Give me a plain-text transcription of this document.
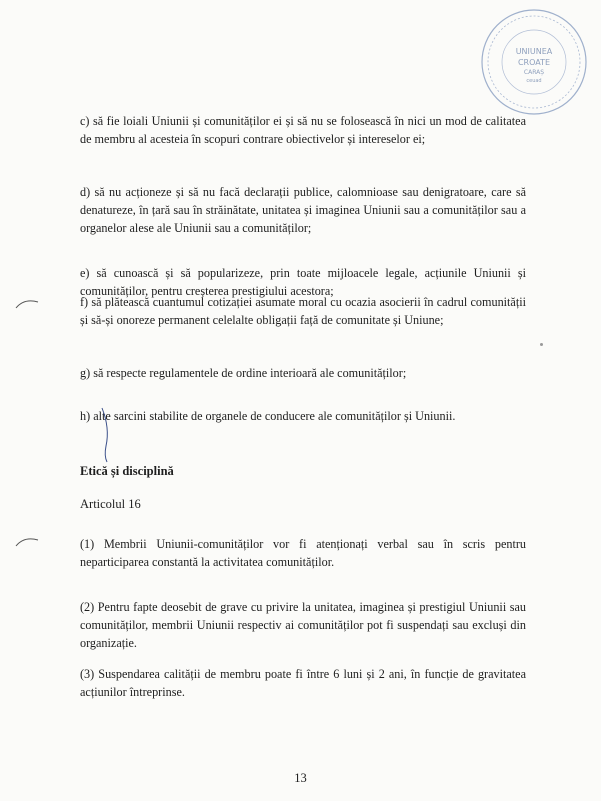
UNIUNEA
CROATE
CARAȘ
ceuad

c) să fie loiali Uniunii și comunităților ei și să nu se folosească în nici un mod de calitatea de membru al acesteia în scopuri contrare obiectivelor și intereselor ei;

d) să nu acționeze și să nu facă declarații publice, calomnioase sau denigratoare, care să denatureze, în țară sau în străinătate, unitatea și imaginea Uniunii sau a comunităților sau a organelor alese ale Uniunii sau a comunităților;

e) să cunoască și să popularizeze, prin toate mijloacele legale, acțiunile Uniunii și comunităților, pentru creșterea prestigiului acestora;

f) să plătească cuantumul cotizației asumate moral cu ocazia asocierii în cadrul comunității și să-și onoreze permanent celelalte obligații față de comunitate și Uniune;

g) să respecte regulamentele de ordine interioară ale comunităților;

h) alte sarcini stabilite de organele de conducere ale comunităților și Uniunii.

Etică și disciplină

Articolul 16

(1) Membrii Uniunii-comunităților vor fi atenționați verbal sau în scris pentru neparticiparea constantă la activitatea comunităților.

(2) Pentru fapte deosebit de grave cu privire la unitatea, imaginea și prestigiul Uniunii sau comunităților, membrii Uniunii respectiv ai comunităților pot fi suspendați sau excluși din organizație.

(3) Suspendarea calității de membru poate fi între 6 luni și 2 ani, în funcție de gravitatea acțiunilor întreprinse.

13
